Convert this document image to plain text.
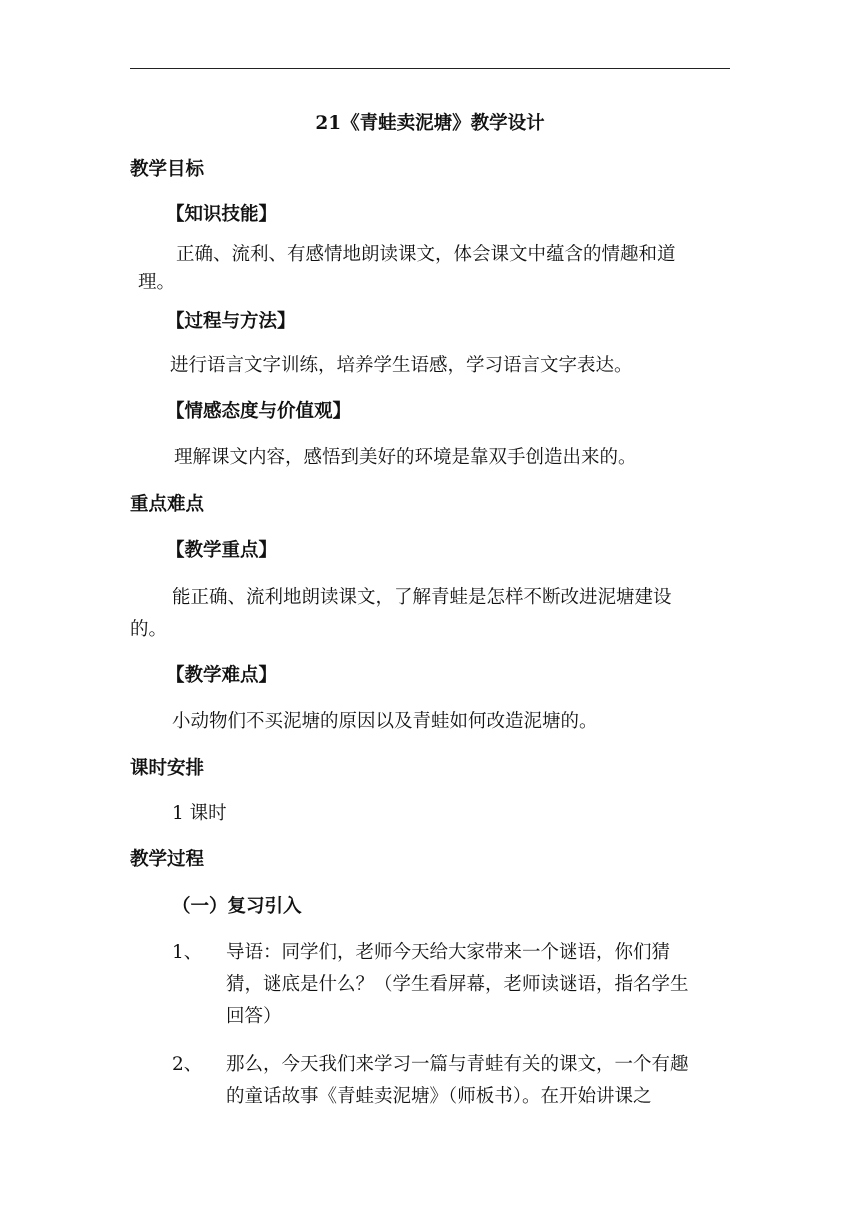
21《青蛙卖泥塘》教学设计
教学目标
【知识技能】
正确、流利、有感情地朗读课文，体会课文中蕴含的情趣和道
理。
【过程与方法】
进行语言文字训练，培养学生语感，学习语言文字表达。
【情感态度与价值观】
理解课文内容，感悟到美好的环境是靠双手创造出来的。
重点难点
【教学重点】
能正确、流利地朗读课文，了解青蛙是怎样不断改进泥塘建设
的。
【教学难点】
小动物们不买泥塘的原因以及青蛙如何改造泥塘的。
课时安排
1 课时
教学过程
（一）复习引入
1、 导语：同学们，老师今天给大家带来一个谜语，你们猜
猜，谜底是什么？（学生看屏幕，老师读谜语，指名学生
回答）
2、 那么，今天我们来学习一篇与青蛙有关的课文，一个有趣
的童话故事《青蛙卖泥塘》（师板书）。在开始讲课之
